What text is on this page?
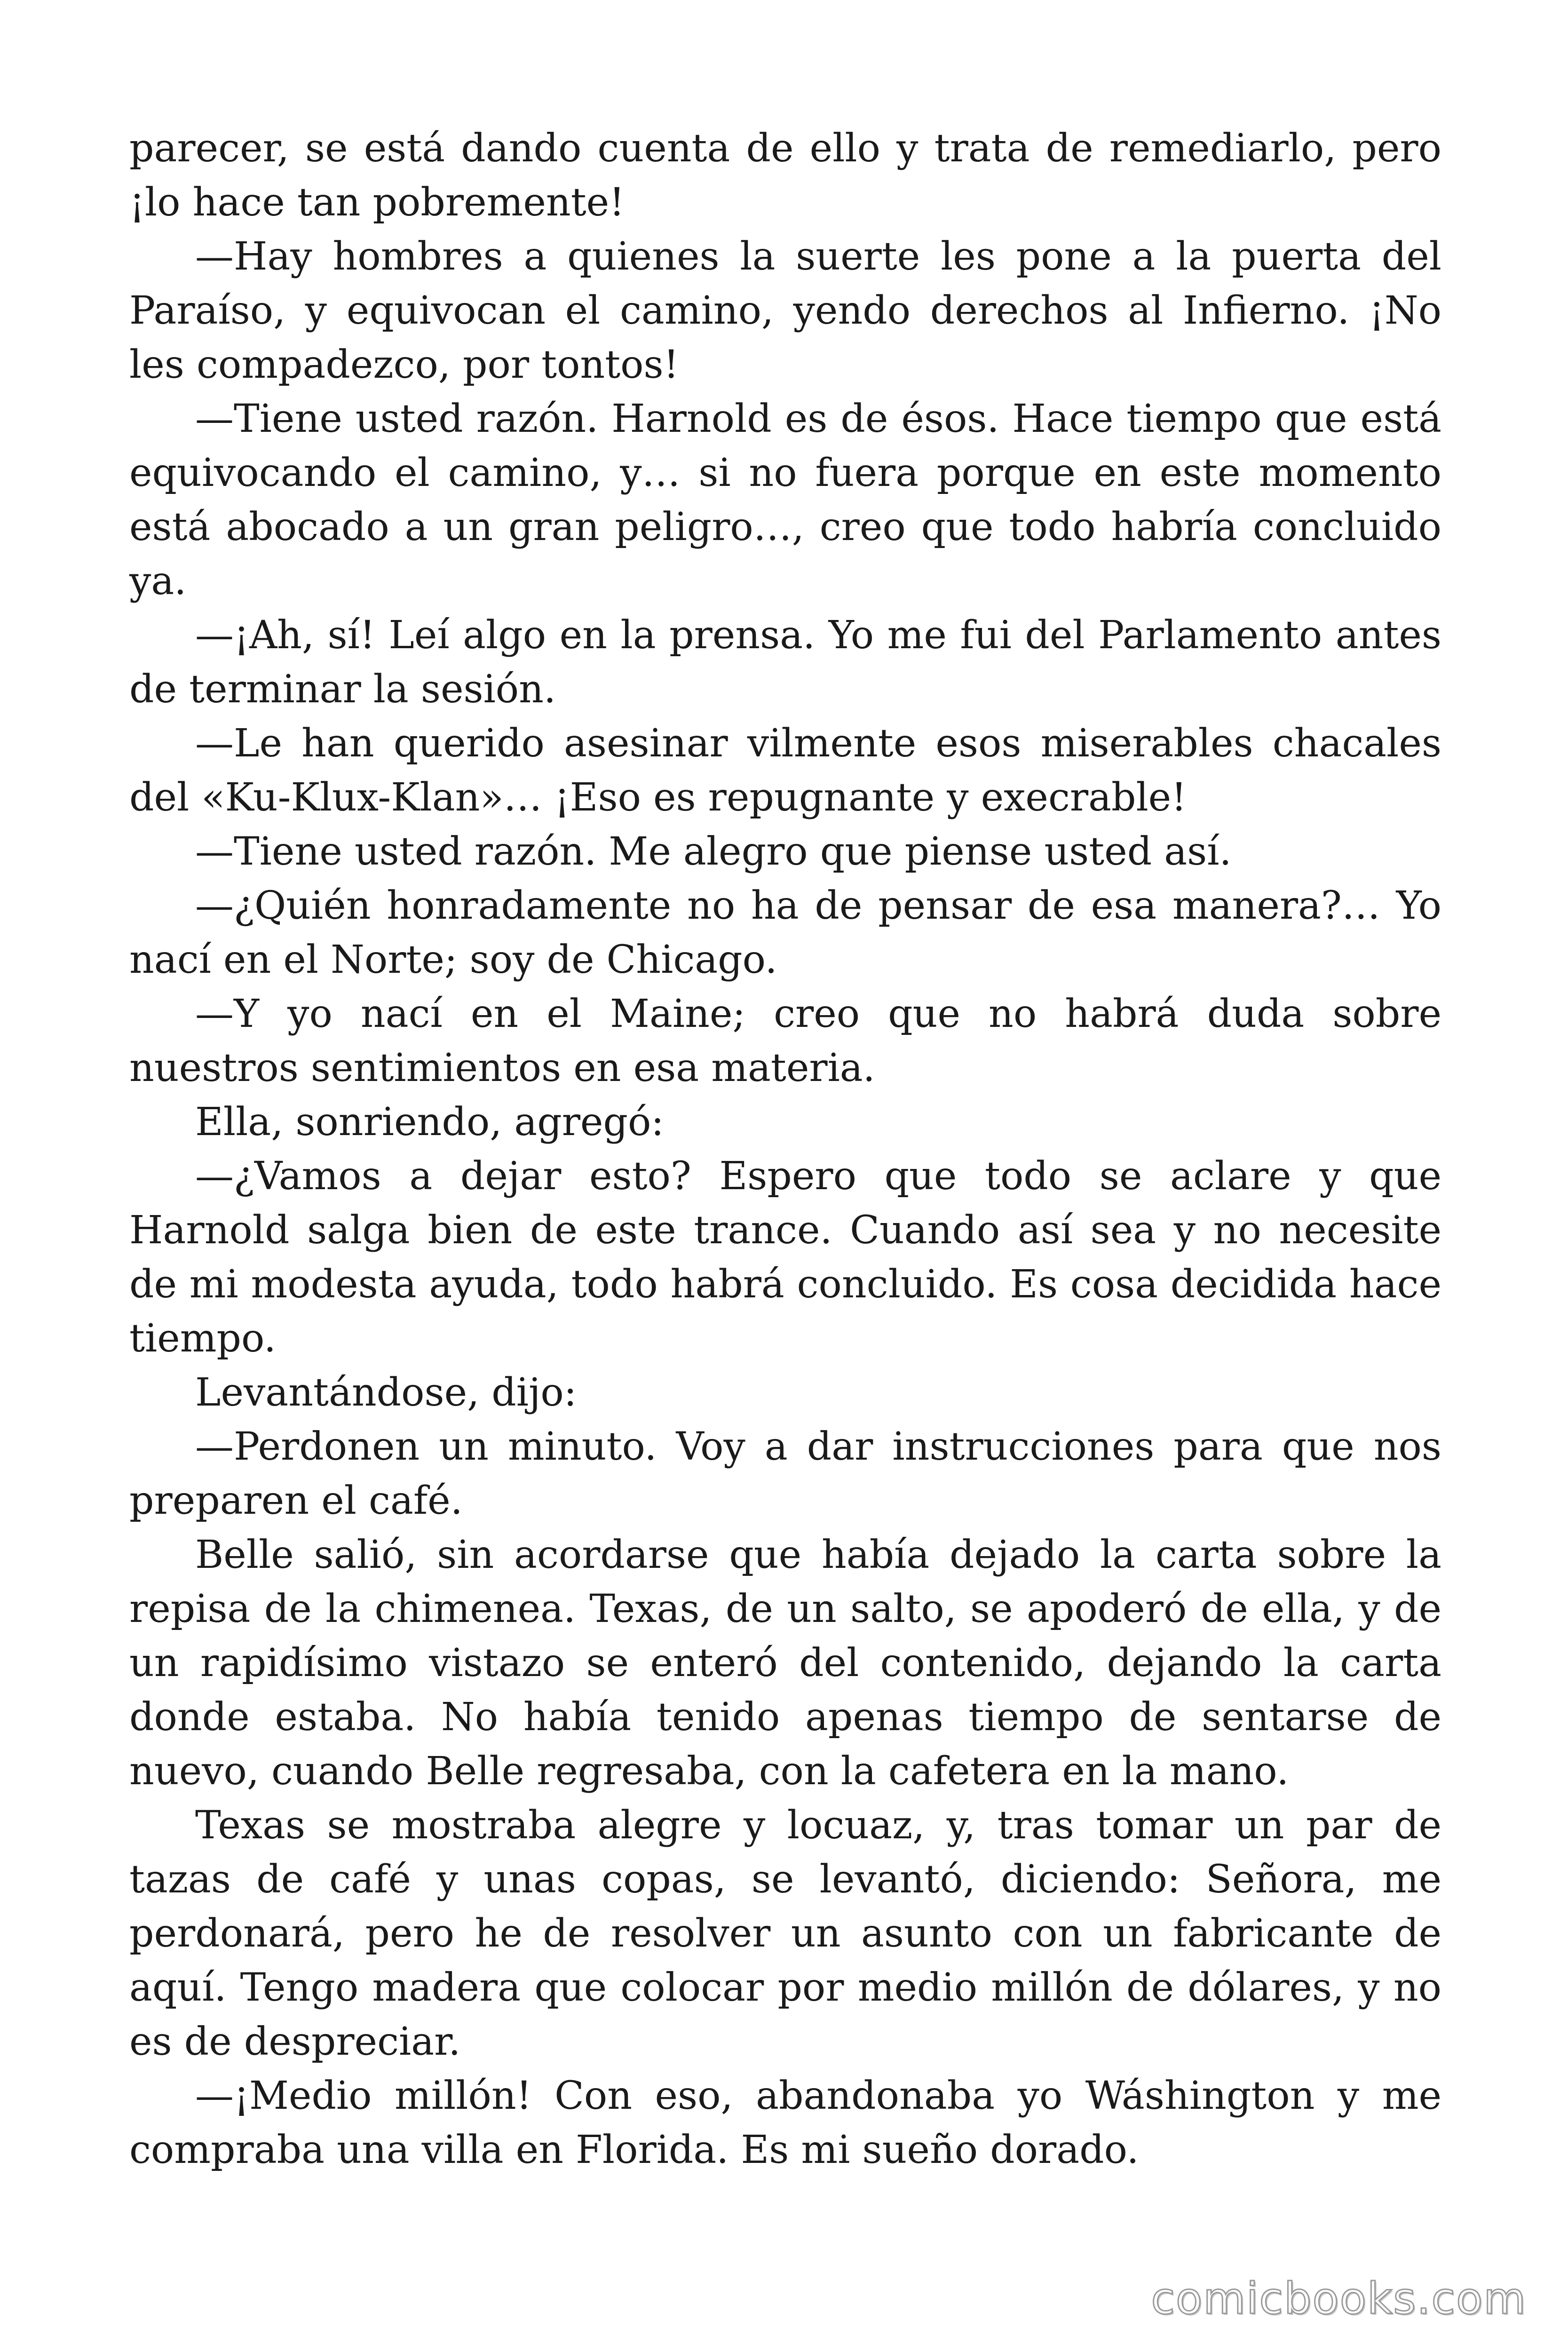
parecer, se está dando cuenta de ello y trata de remediarlo, pero ¡lo hace tan pobremente!

—Hay hombres a quienes la suerte les pone a la puerta del Paraíso, y equivocan el camino, yendo derechos al Infierno. ¡No les compadezco, por tontos!

—Tiene usted razón. Harnold es de ésos. Hace tiempo que está equivocando el camino, y… si no fuera porque en este momento está abocado a un gran peligro…, creo que todo habría concluido ya.

—¡Ah, sí! Leí algo en la prensa. Yo me fui del Parlamento antes de terminar la sesión.

—Le han querido asesinar vilmente esos miserables chacales del «Ku-Klux-Klan»… ¡Eso es repugnante y execrable!

—Tiene usted razón. Me alegro que piense usted así.

—¿Quién honradamente no ha de pensar de esa manera?… Yo nací en el Norte; soy de Chicago.

—Y yo nací en el Maine; creo que no habrá duda sobre nuestros sentimientos en esa materia.

Ella, sonriendo, agregó:

—¿Vamos a dejar esto? Espero que todo se aclare y que Harnold salga bien de este trance. Cuando así sea y no necesite de mi modesta ayuda, todo habrá concluido. Es cosa decidida hace tiempo.

Levantándose, dijo:

—Perdonen un minuto. Voy a dar instrucciones para que nos preparen el café.

Belle salió, sin acordarse que había dejado la carta sobre la repisa de la chimenea. Texas, de un salto, se apoderó de ella, y de un rapidísimo vistazo se enteró del contenido, dejando la carta donde estaba. No había tenido apenas tiempo de sentarse de nuevo, cuando Belle regresaba, con la cafetera en la mano.

Texas se mostraba alegre y locuaz, y, tras tomar un par de tazas de café y unas copas, se levantó, diciendo: Señora, me perdonará, pero he de resolver un asunto con un fabricante de aquí. Tengo madera que colocar por medio millón de dólares, y no es de despreciar.

—¡Medio millón! Con eso, abandonaba yo Wáshington y me compraba una villa en Florida. Es mi sueño dorado.

comicbooks.com
